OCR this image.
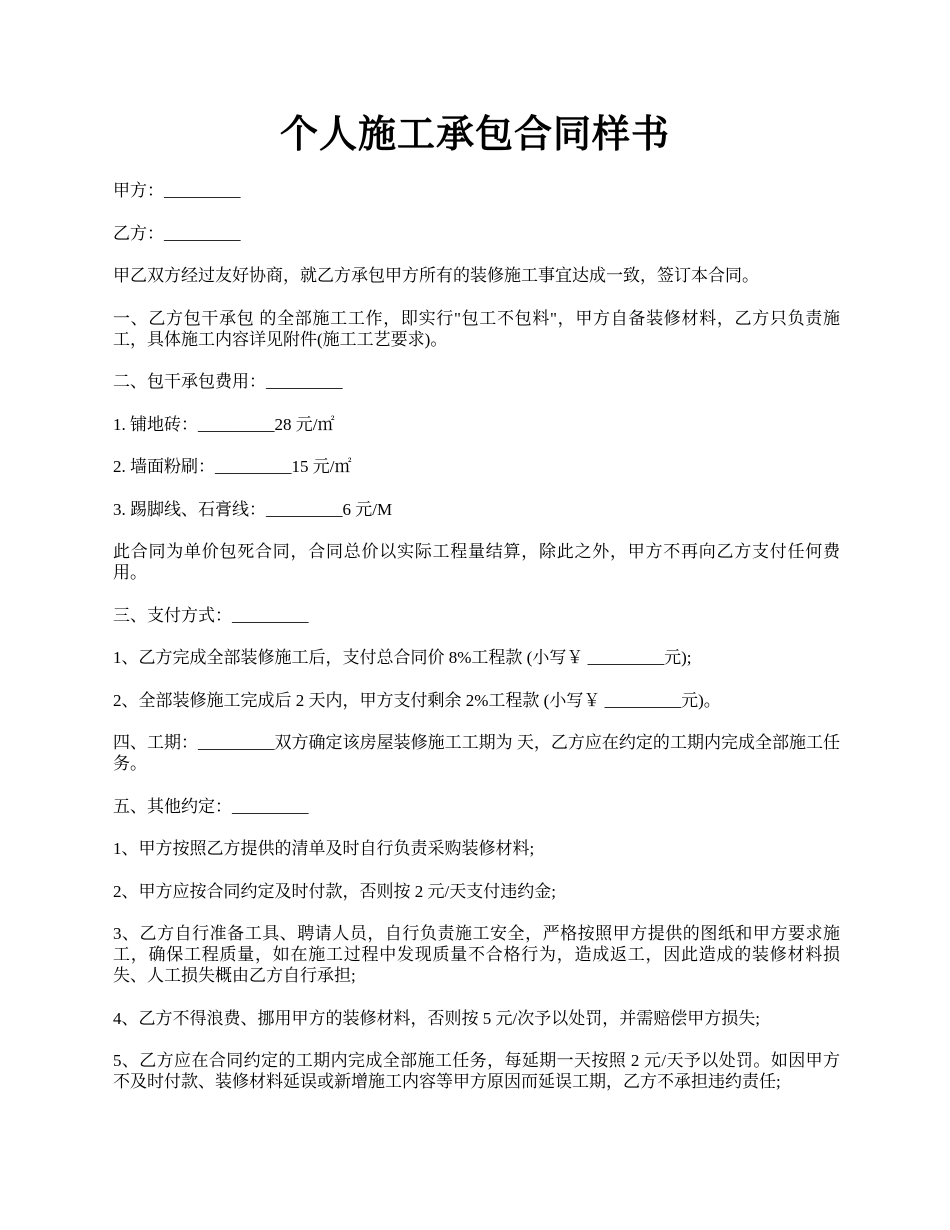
个人施工承包合同样书

甲方：_________

乙方：_________

甲乙双方经过友好协商，就乙方承包甲方所有的装修施工事宜达成一致，签订本合同。

一、乙方包干承包 的全部施工工作，即实行"包工不包料"，甲方自备装修材料，乙方只负责施工，具体施工内容详见附件(施工工艺要求)。

二、包干承包费用：_________

1. 铺地砖：_________28 元/㎡

2. 墙面粉刷：_________15 元/㎡

3. 踢脚线、石膏线：_________6 元/M

此合同为单价包死合同，合同总价以实际工程量结算，除此之外，甲方不再向乙方支付任何费用。

三、支付方式：_________

1、乙方完成全部装修施工后，支付总合同价 8%工程款 (小写￥ _________元);

2、全部装修施工完成后 2 天内，甲方支付剩余 2%工程款 (小写￥ _________元)。

四、工期：_________双方确定该房屋装修施工工期为 天，乙方应在约定的工期内完成全部施工任务。

五、其他约定：_________

1、甲方按照乙方提供的清单及时自行负责采购装修材料;

2、甲方应按合同约定及时付款，否则按 2 元/天支付违约金;

3、乙方自行准备工具、聘请人员，自行负责施工安全，严格按照甲方提供的图纸和甲方要求施工，确保工程质量，如在施工过程中发现质量不合格行为，造成返工，因此造成的装修材料损失、人工损失概由乙方自行承担;

4、乙方不得浪费、挪用甲方的装修材料，否则按 5 元/次予以处罚，并需赔偿甲方损失;

5、乙方应在合同约定的工期内完成全部施工任务，每延期一天按照 2 元/天予以处罚。如因甲方不及时付款、装修材料延误或新增施工内容等甲方原因而延误工期，乙方不承担违约责任;
